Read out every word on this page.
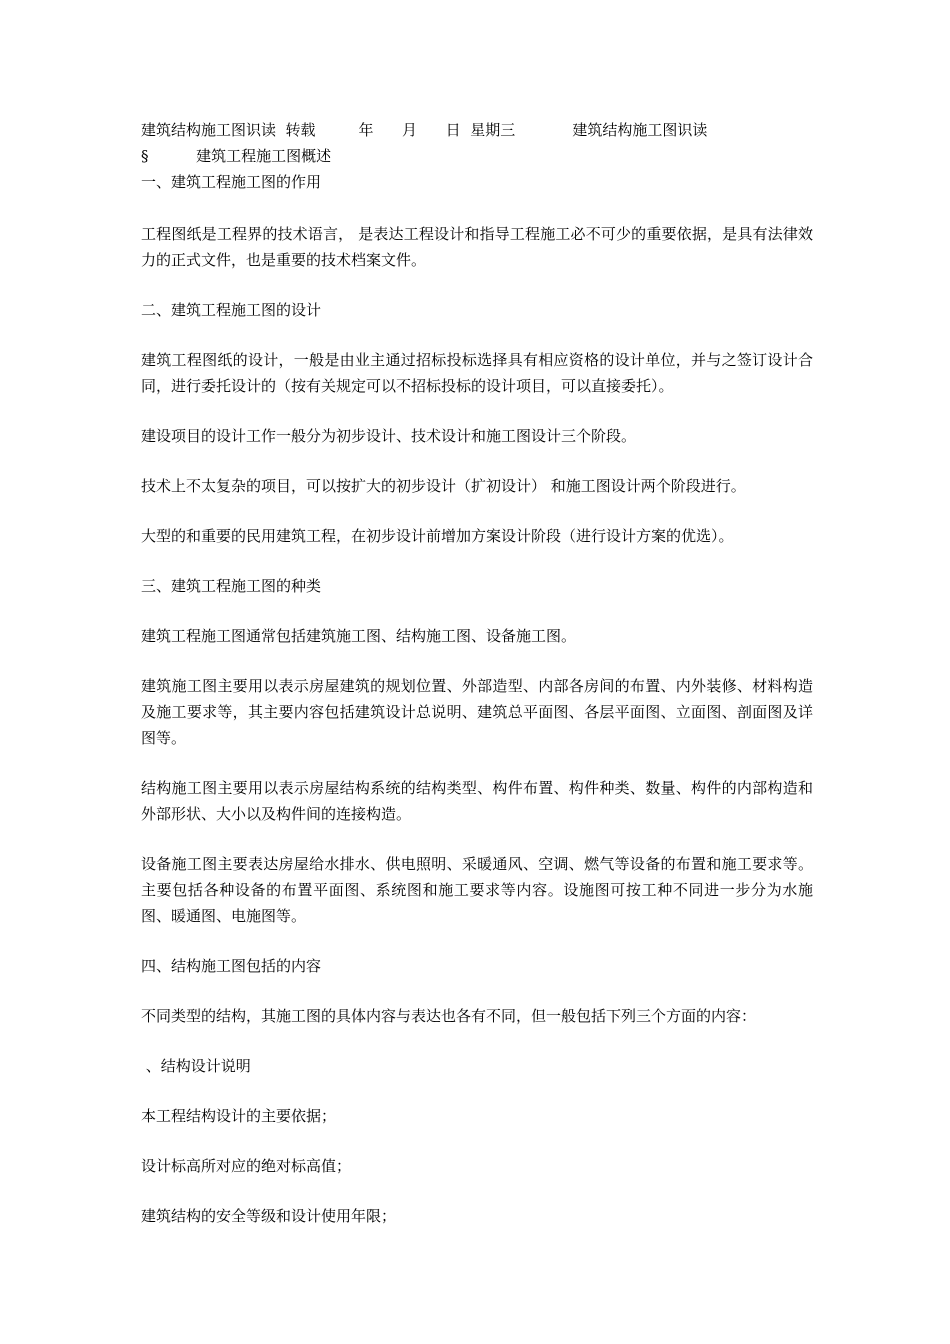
建筑结构施工图识读  转载         年      月      日  星期三            建筑结构施工图识读
§          建筑工程施工图概述
一、建筑工程施工图的作用

工程图纸是工程界的技术语言， 是表达工程设计和指导工程施工必不可少的重要依据，是具有法律效力的正式文件，也是重要的技术档案文件。

二、建筑工程施工图的设计

建筑工程图纸的设计，一般是由业主通过招标投标选择具有相应资格的设计单位，并与之签订设计合同，进行委托设计的（按有关规定可以不招标投标的设计项目，可以直接委托）。

建设项目的设计工作一般分为初步设计、技术设计和施工图设计三个阶段。

技术上不太复杂的项目，可以按扩大的初步设计（扩初设计） 和施工图设计两个阶段进行。

大型的和重要的民用建筑工程，在初步设计前增加方案设计阶段（进行设计方案的优选）。

三、建筑工程施工图的种类

建筑工程施工图通常包括建筑施工图、结构施工图、设备施工图。

建筑施工图主要用以表示房屋建筑的规划位置、外部造型、内部各房间的布置、内外装修、材料构造及施工要求等，其主要内容包括建筑设计总说明、建筑总平面图、各层平面图、立面图、剖面图及详图等。

结构施工图主要用以表示房屋结构系统的结构类型、构件布置、构件种类、数量、构件的内部构造和外部形状、大小以及构件间的连接构造。

设备施工图主要表达房屋给水排水、供电照明、采暖通风、空调、燃气等设备的布置和施工要求等。主要包括各种设备的布置平面图、系统图和施工要求等内容。设施图可按工种不同进一步分为水施图、暖通图、电施图等。

四、结构施工图包括的内容

不同类型的结构，其施工图的具体内容与表达也各有不同，但一般包括下列三个方面的内容：

、结构设计说明
本工程结构设计的主要依据；
设计标高所对应的绝对标高值；
建筑结构的安全等级和设计使用年限；
